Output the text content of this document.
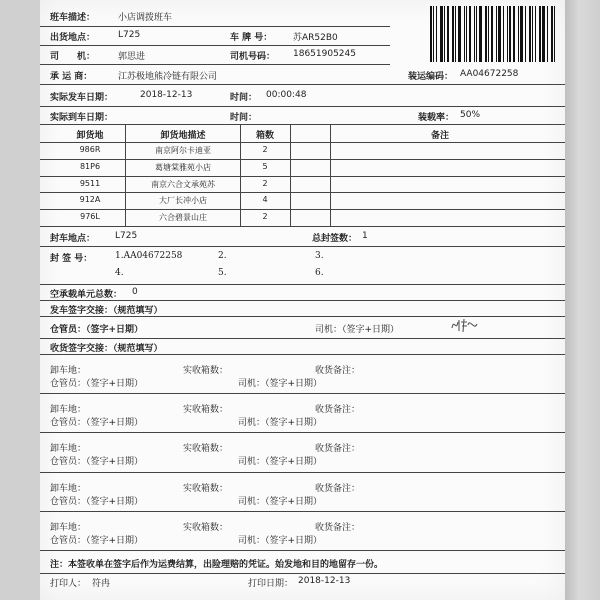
班车描述：	小店调拨班车
出货地点：	L725	车 牌 号： 苏AR52B0
司　　机：	郭思进	司机号码： 18651905245
承 运 商：	江苏极地熊冷链有限公司	装运编码： AA04672258
实际发车日期：	2018-12-13	时间： 00:00:48
实际到车日期：	时间：	装载率： 50%
卸货地	卸货地描述	箱数	备注
986R	南京阿尔卡迪亚	2
81P6	葛塘棠雅苑小店	5
9511	南京六合文承苑苏	2
912A	大厂长冲小店	4
976L	六合碧景山庄	2
封车地点： L725	总封签数： 1
封 签 号：	1.AA04672258	2.	3.
4.	5.	6.
空承载单元总数： 0
发车签字交接：（规范填写）
仓管员：（签字+日期）	司机：（签字+日期）
收货签字交接：（规范填写）
卸车地：	实收箱数：	收货备注：
仓管员：（签字+日期）	司机：（签字+日期）
卸车地：	实收箱数：	收货备注：
仓管员：（签字+日期）	司机：（签字+日期）
卸车地：	实收箱数：	收货备注：
仓管员：（签字+日期）	司机：（签字+日期）
卸车地：	实收箱数：	收货备注：
仓管员：（签字+日期）	司机：（签字+日期）
卸车地：	实收箱数：	收货备注：
仓管员：（签字+日期）	司机：（签字+日期）
注：本签收单在签字后作为运费结算，出险理赔的凭证。始发地和目的地留存一份。
打印人： 符冉	打印日期： 2018-12-13
